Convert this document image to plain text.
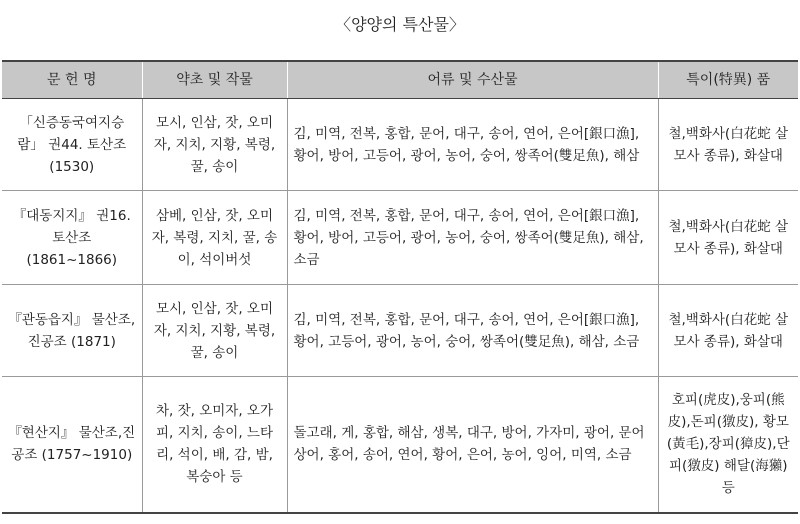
〈양양의 특산물〉
문 헌 명	약초 및 작물	어류 및 수산물	특이(特異) 품
「신증동국여지승람」 권44. 토산조(1530)	모시, 인삼, 잣, 오미자, 지치, 지황, 복령, 꿀, 송이	김, 미역, 전복, 홍합, 문어, 대구, 송어, 연어, 은어[銀口漁], 황어, 방어, 고등어, 광어, 농어, 숭어, 쌍족어(雙足魚), 해삼	철,백화사(白花蛇 살모사 종류), 화살대
『대동지지』 권16. 토산조 (1861~1866)	삼베, 인삼, 잣, 오미자, 복령, 지치, 꿀, 송이, 석이버섯	김, 미역, 전복, 홍합, 문어, 대구, 송어, 연어, 은어[銀口漁], 황어, 방어, 고등어, 광어, 농어, 숭어, 쌍족어(雙足魚), 해삼, 소금	철,백화사(白花蛇 살모사 종류), 화살대
『관동읍지』 물산조,진공조 (1871)	모시, 인삼, 잣, 오미자, 지치, 지황, 복령, 꿀, 송이	김, 미역, 전복, 홍합, 문어, 대구, 송어, 연어, 은어[銀口漁], 황어, 고등어, 광어, 농어, 숭어, 쌍족어(雙足魚), 해삼, 소금	철,백화사(白花蛇 살모사 종류), 화살대
『현산지』 물산조,진공조 (1757~1910)	차, 잣, 오미자, 오가피, 지치, 송이, 느타리, 석이, 배, 감, 밤, 복숭아 등	돌고래, 게, 홍합, 해삼, 생복, 대구, 방어, 가자미, 광어, 문어 상어, 홍어, 송어, 연어, 황어, 은어, 농어, 잉어, 미역, 소금	호피(虎皮),웅피(熊皮),돈피(獤皮), 황모(黃毛),장피(獐皮),단피(獤皮) 해달(海獺) 등
